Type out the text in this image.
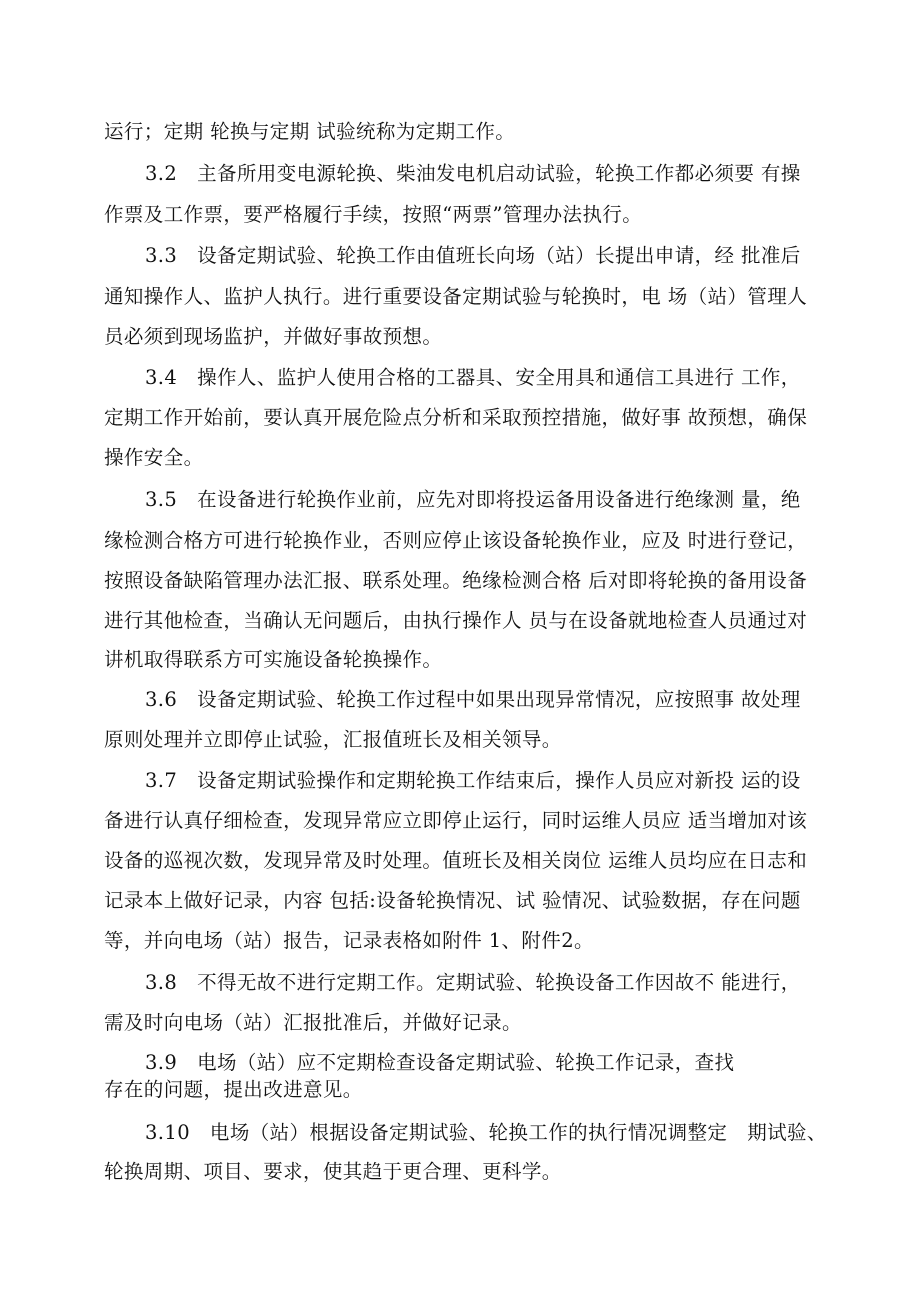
运行；定期 轮换与定期 试验统称为定期工作。
3.2　主备所用变电源轮换、柴油发电机启动试验，轮换工作都必须要 有操
作票及工作票，要严格履行手续，按照“两票”管理办法执行。
3.3　设备定期试验、轮换工作由值班长向场（站）长提出申请，经 批准后
通知操作人、监护人执行。进行重要设备定期试验与轮换时，电 场（站）管理人
员必须到现场监护，并做好事故预想。
3.4　操作人、监护人使用合格的工器具、安全用具和通信工具进行 工作，
定期工作开始前，要认真开展危险点分析和采取预控措施，做好事 故预想，确保
操作安全。
3.5　在设备进行轮换作业前，应先对即将投运备用设备进行绝缘测 量，绝
缘检测合格方可进行轮换作业，否则应停止该设备轮换作业，应及 时进行登记，
按照设备缺陷管理办法汇报、联系处理。绝缘检测合格 后对即将轮换的备用设备
进行其他检查，当确认无问题后，由执行操作人 员与在设备就地检查人员通过对
讲机取得联系方可实施设备轮换操作。
3.6　设备定期试验、轮换工作过程中如果出现异常情况，应按照事 故处理
原则处理并立即停止试验，汇报值班长及相关领导。
3.7　设备定期试验操作和定期轮换工作结束后，操作人员应对新投 运的设
备进行认真仔细检查，发现异常应立即停止运行，同时运维人员应 适当增加对该
设备的巡视次数，发现异常及时处理。值班长及相关岗位 运维人员均应在日志和
记录本上做好记录，内容 包括:设备轮换情况、试 验情况、试验数据，存在问题
等，并向电场（站）报告，记录表格如附件 1、附件2。
3.8　不得无故不进行定期工作。定期试验、轮换设备工作因故不 能进行，
需及时向电场（站）汇报批准后，并做好记录。
3.9　电场（站）应不定期检查设备定期试验、轮换工作记录，查找
存在的问题，提出改进意见。
3.10　电场（站）根据设备定期试验、轮换工作的执行情况调整定　期试验、
轮换周期、项目、要求，使其趋于更合理、更科学。
